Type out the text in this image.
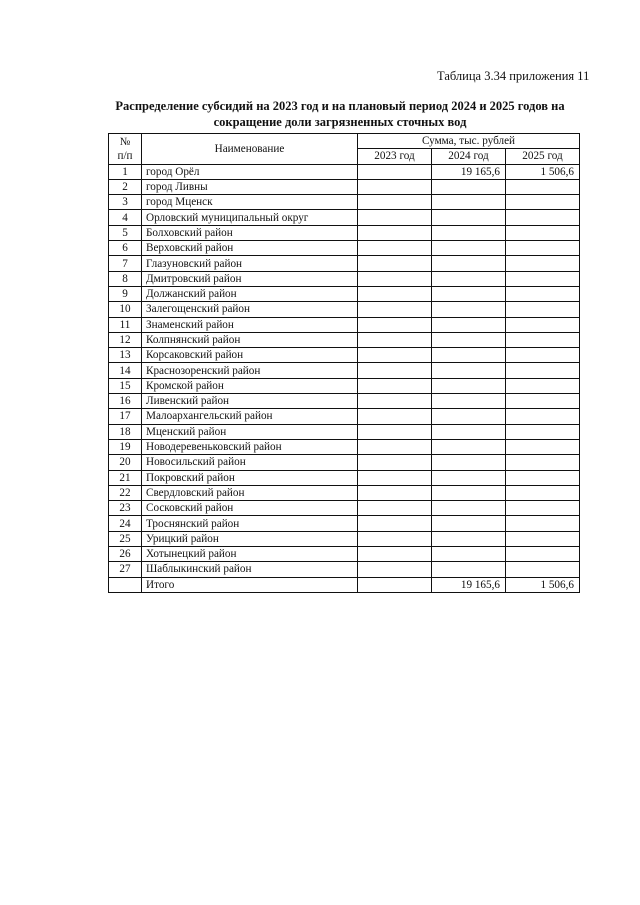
Таблица 3.34 приложения 11
Распределение субсидий на 2023 год и на плановый период 2024 и 2025 годов на
сокращение доли загрязненных сточных вод
№
п/п	Наименование	Сумма, тыс. рублей		
		2023 год	2024 год	2025 год
1	город Орёл		19 165,6	1 506,6
2	город Ливны			
3	город Мценск			
4	Орловский муниципальный округ			
5	Болховский район			
6	Верховский район			
7	Глазуновский район			
8	Дмитровский район			
9	Должанский район			
10	Залегощенский район			
11	Знаменский район			
12	Колпнянский район			
13	Корсаковский район			
14	Краснозоренский район			
15	Кромской район			
16	Ливенский район			
17	Малоархангельский район			
18	Мценский район			
19	Новодеревеньковский район			
20	Новосильский район			
21	Покровский район			
22	Свердловский район			
23	Сосковский район			
24	Троснянский район			
25	Урицкий район			
26	Хотынецкий район			
27	Шаблыкинский район			
	Итого		19 165,6	1 506,6
